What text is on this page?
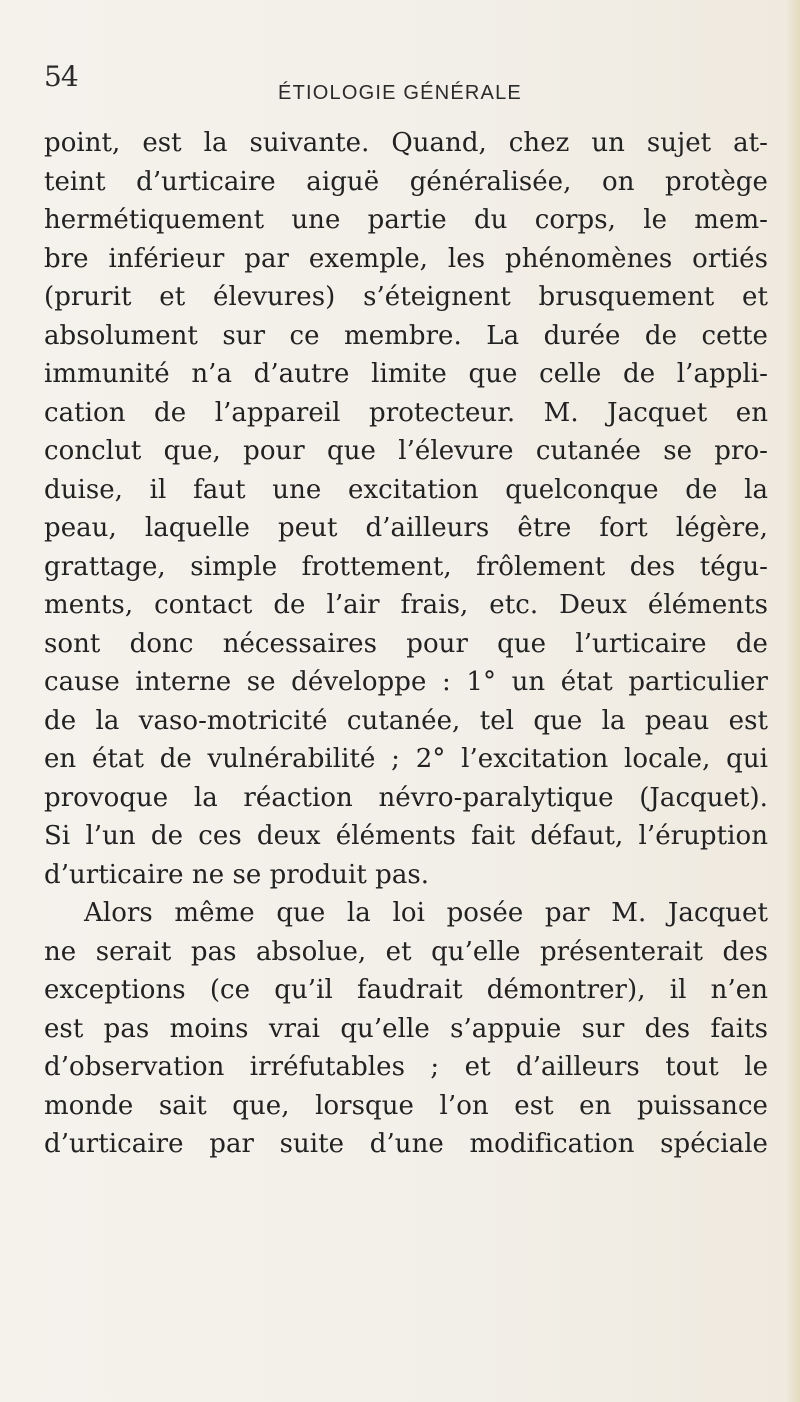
54	ÉTIOLOGIE GÉNÉRALE
point, est la suivante. Quand, chez un sujet at-
teint d’urticaire aiguë généralisée, on protège
hermétiquement une partie du corps, le mem-
bre inférieur par exemple, les phénomènes ortiés
(prurit et élevures) s’éteignent brusquement et
absolument sur ce membre. La durée de cette
immunité n’a d’autre limite que celle de l’appli-
cation de l’appareil protecteur. M. Jacquet en
conclut que, pour que l’élevure cutanée se pro-
duise, il faut une excitation quelconque de la
peau, laquelle peut d’ailleurs être fort légère,
grattage, simple frottement, frôlement des tégu-
ments, contact de l’air frais, etc. Deux éléments
sont donc nécessaires pour que l’urticaire de
cause interne se développe : 1° un état particulier
de la vaso-motricité cutanée, tel que la peau est
en état de vulnérabilité ; 2° l’excitation locale, qui
provoque la réaction névro-paralytique (Jacquet).
Si l’un de ces deux éléments fait défaut, l’éruption
d’urticaire ne se produit pas.
Alors même que la loi posée par M. Jacquet
ne serait pas absolue, et qu’elle présenterait des
exceptions (ce qu’il faudrait démontrer), il n’en
est pas moins vrai qu’elle s’appuie sur des faits
d’observation irréfutables ; et d’ailleurs tout le
monde sait que, lorsque l’on est en puissance
d’urticaire par suite d’une modification spéciale
